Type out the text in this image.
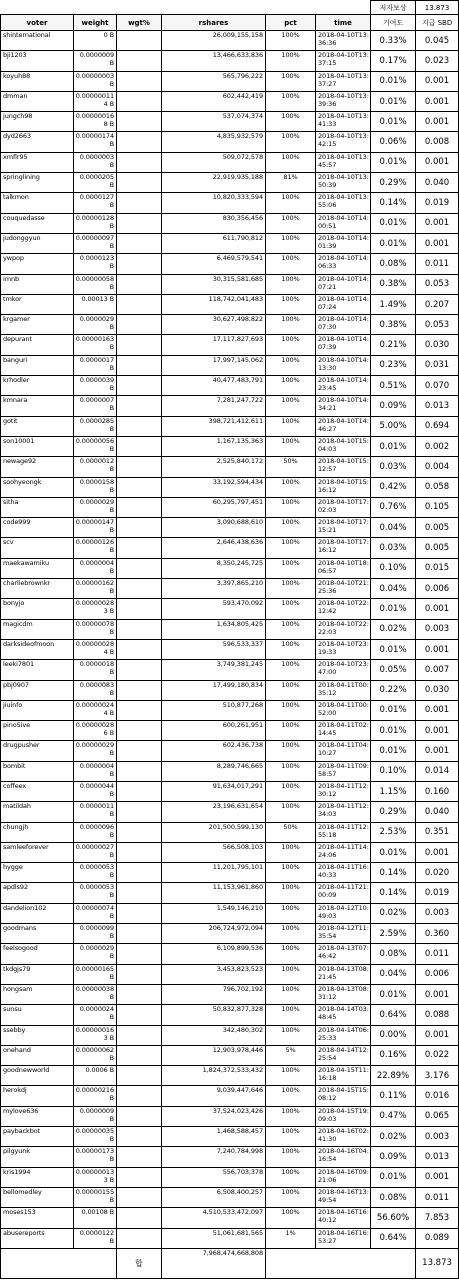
						저자보상	13.873
voter	weight	wgt%	rshares	pct	time	기여도	지급 SBD
shinternational	0 B		26,009,155,158	100%	2018-04-10T13:36:36	0.33%	0.045
bji1203	0.0000009 B		13,466,633,836	100%	2018-04-10T13:37:15	0.17%	0.023
koyuh88	0.00000003 B		565,796,222	100%	2018-04-10T13:37:27	0.01%	0.001
dmman	0.00000011 4 B		602,442,419	100%	2018-04-10T13:39:36	0.01%	0.001
jungch98	0.00000016 8 B		537,074,374	100%	2018-04-10T13:41:33	0.01%	0.001
dyd2663	0.00000174 B		4,835,932,579	100%	2018-04-10T13:42:15	0.06%	0.008
xmflr95	0.0000003 B		509,072,578	100%	2018-04-10T13:45:57	0.01%	0.001
springlining	0.0000205 B		22,919,935,188	81%	2018-04-10T13:50:39	0.29%	0.040
talkmon	0.0000127 B		10,820,333,594	100%	2018-04-10T13:55:06	0.14%	0.019
couquedasse	0.00000128 B		830,356,456	100%	2018-04-10T14:00:51	0.01%	0.001
judonggyun	0.00000097 B		611,790,812	100%	2018-04-10T14:01:39	0.01%	0.001
ywpop	0.0000123 B		6,469,579,541	100%	2018-04-10T14:06:33	0.08%	0.011
imnb	0.00000058 B		30,315,581,685	100%	2018-04-10T14:07:21	0.38%	0.053
tmkor	0.00013 B		118,742,041,483	100%	2018-04-10T14:07:24	1.49%	0.207
krgamer	0.0000029 B		30,627,498,822	100%	2018-04-10T14:07:30	0.38%	0.053
depurant	0.00000163 B		17,117,827,693	100%	2018-04-10T14:07:39	0.21%	0.030
banguri	0.0000017 B		17,997,145,062	100%	2018-04-10T14:13:30	0.23%	0.031
krhodler	0.0000039 B		40,477,483,791	100%	2018-04-10T14:23:45	0.51%	0.070
kmnara	0.0000007 B		7,281,247,722	100%	2018-04-10T14:34:21	0.09%	0.013
gotit	0.0000285 B		398,721,412,611	100%	2018-04-10T14:46:27	5.00%	0.694
son10001	0.00000056 B		1,167,135,363	100%	2018-04-10T15:04:03	0.01%	0.002
newage92	0.0000012 B		2,525,840,172	50%	2018-04-10T15:12:57	0.03%	0.004
soohyeongk	0.0000158 B		33,192,594,434	100%	2018-04-10T15:16:12	0.42%	0.058
sitha	0.0000029 B		60,295,797,451	100%	2018-04-10T17:02:03	0.76%	0.105
code999	0.00000147 B		3,090,688,610	100%	2018-04-10T17:15:21	0.04%	0.005
scv	0.00000126 B		2,646,438,636	100%	2018-04-10T17:16:12	0.03%	0.005
maekawamiku	0.0000004 B		8,350,245,725	100%	2018-04-10T18:06:57	0.10%	0.015
charliebrownkr	0.00000162 B		3,397,865,210	100%	2018-04-10T21:25:36	0.04%	0.006
bonyjo	0.00000028 3 B		593,470,092	100%	2018-04-10T22:12:42	0.01%	0.001
magicdm	0.00000078 B		1,634,805,425	100%	2018-04-10T22:22:03	0.02%	0.003
darksideofmoon	0.00000028 4 B		596,533,337	100%	2018-04-10T23:19:33	0.01%	0.001
leeki7801	0.0000018 B		3,749,381,245	100%	2018-04-10T23:47:00	0.05%	0.007
pbj0907	0.0000083 B		17,499,180,834	100%	2018-04-11T00:35:12	0.22%	0.030
jiuinfo	0.00000024 4 B		510,877,268	100%	2018-04-11T00:52:00	0.01%	0.001
pino5ive	0.00000028 6 B		600,261,951	100%	2018-04-11T02:14:45	0.01%	0.001
drugpusher	0.00000029 B		602,436,738	100%	2018-04-11T04:10:27	0.01%	0.001
bombit	0.0000004 B		8,289,746,665	100%	2018-04-11T09:58:57	0.10%	0.014
coffeex	0.0000044 B		91,634,017,291	100%	2018-04-11T12:30:12	1.15%	0.160
matildah	0.0000011 B		23,196,631,654	100%	2018-04-11T12:34:03	0.29%	0.040
chungjh	0.0000096 B		201,500,599,130	50%	2018-04-11T12:55:18	2.53%	0.351
samleeforever	0.00000027 B		566,508,103	100%	2018-04-11T14:24:06	0.01%	0.001
hygge	0.0000053 B		11,201,795,101	100%	2018-04-11T16:40:33	0.14%	0.020
apdls92	0.0000053 B		11,153,961,860	100%	2018-04-11T21:00:09	0.14%	0.019
dandelion102	0.00000074 B		1,549,146,210	100%	2018-04-12T10:49:03	0.02%	0.003
goodmans	0.0000099 B		206,724,972,094	100%	2018-04-12T11:35:54	2.59%	0.360
feelsogood	0.0000029 B		6,109,899,536	100%	2018-04-13T07:46:42	0.08%	0.011
tkdgjs79	0.00000165 B		3,453,823,523	100%	2018-04-13T08:21:45	0.04%	0.006
hongsam	0.00000038 B		796,702,192	100%	2018-04-13T08:31:12	0.01%	0.001
sunsu	0.0000024 B		50,832,877,328	100%	2018-04-14T03:48:45	0.64%	0.088
ssebby	0.00000016 3 B		342,480,302	100%	2018-04-14T06:25:33	0.00%	0.001
onehand	0.00000062 B		12,903,978,446	5%	2018-04-14T12:25:54	0.16%	0.022
goodnewworld	0.0006 B		1,824,372,533,432	100%	2018-04-15T11:16:18	22.89%	3.176
herokdj	0.00000216 B		9,039,447,646	100%	2018-04-15T15:08:12	0.11%	0.016
mylove636	0.0000009 B		37,524,023,426	100%	2018-04-15T19:09:03	0.47%	0.065
paybackbot	0.00000035 B		1,468,588,457	100%	2018-04-16T02:41:30	0.02%	0.003
pilgyunk	0.00000173 B		7,240,784,998	100%	2018-04-16T04:16:54	0.09%	0.013
kris1994	0.00000013 3 B		556,703,378	100%	2018-04-16T09:21:06	0.01%	0.001
bellomedley	0.00000155 B		6,508,400,257	100%	2018-04-16T13:49:54	0.08%	0.011
moses153	0.00108 B		4,510,533,472,097	100%	2018-04-16T16:40:12	56.60%	7.853
abusereports	0.0000122 B		51,061,681,565	1%	2018-04-16T16:53:27	0.64%	0.089
		합	7,968,474,668,808				13.873
